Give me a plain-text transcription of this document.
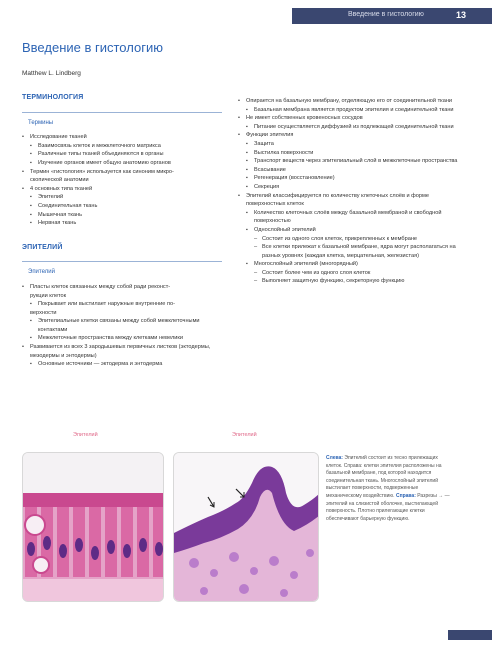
Введение в гистологию	13
Введение в гистологию
Matthew L. Lindberg
ТЕРМИНОЛОГИЯ
Термины
• Исследование тканей
▪ Взаимосвязь клеток и межклеточного матрикса
▪ Различные типы тканей объединяются в органы
▪ Изучение органов имеет общую анатомию органов
• Термин «гистология» используется как синоним микро-
скопической анатомии
• 4 основных типа тканей
▪ Эпителий
▪ Соединительная ткань
▪ Мышечная ткань
▪ Нервная ткань
ЭПИТЕЛИЙ
Эпителий
• Пласты клеток связанных между собой ради реконст-
рукции клеток
▪ Покрывает или выстилает наружные внутренние по-
верхности
▪ Эпителиальные клетки связаны между собой межклеточными контактами
▪ Межклеточные пространства между клетками невелики
• Развивается из всех 3 зародышевых первичных листков (эктодермы, мезодермы и энтодермы)
▪ Основные источники — эктодерма и энтодерма
• Опирается на базальную мембрану, отделяющую его от соединительной ткани
▪ Базальная мембрана является продуктом эпителия и соединительной ткани
• Не имеет собственных кровеносных сосудов
▪ Питание осуществляется диффузией из подлежащей соединительной ткани
• Функции эпителия
▪ Защита
▪ Выстилка поверхности
▪ Транспорт веществ через эпителиальный слой в межклеточные пространства
▪ Всасывание
▪ Регенерация (восстановление)
▪ Секреция
• Эпителий классифицируется по количеству клеточных слоёв и форме поверхностных клеток
▪ Количество клеточных слоёв между базальной мембраной и свободной поверхностью
▪ Однослойный эпителий
– Состоит из одного слоя клеток, прикрепленных к мембране
– Все клетки прилежат к базальной мембране, ядра могут располагаться на разных уровнях (каждая клетка, мерцательная, железистая)
▪ Многослойный эпителий (многорядный)
– Состоит более чем из одного слоя клеток
– Выполняет защитную функцию, секреторную функцию
Эпителий	Эпителий
Слева: Эпителий состоит из тесно прилежащих клеток. Справа: клетки эпителия расположены на базальной мембране, под которой находится соединительная ткань. Многослойный эпителий выстилает поверхности, подверженные механическому воздействию. Справа: Разрезы → — эпителий на слизистой оболочке, выстилающей поверхность. Плотно прилегающие клетки обеспечивают барьерную функцию.
